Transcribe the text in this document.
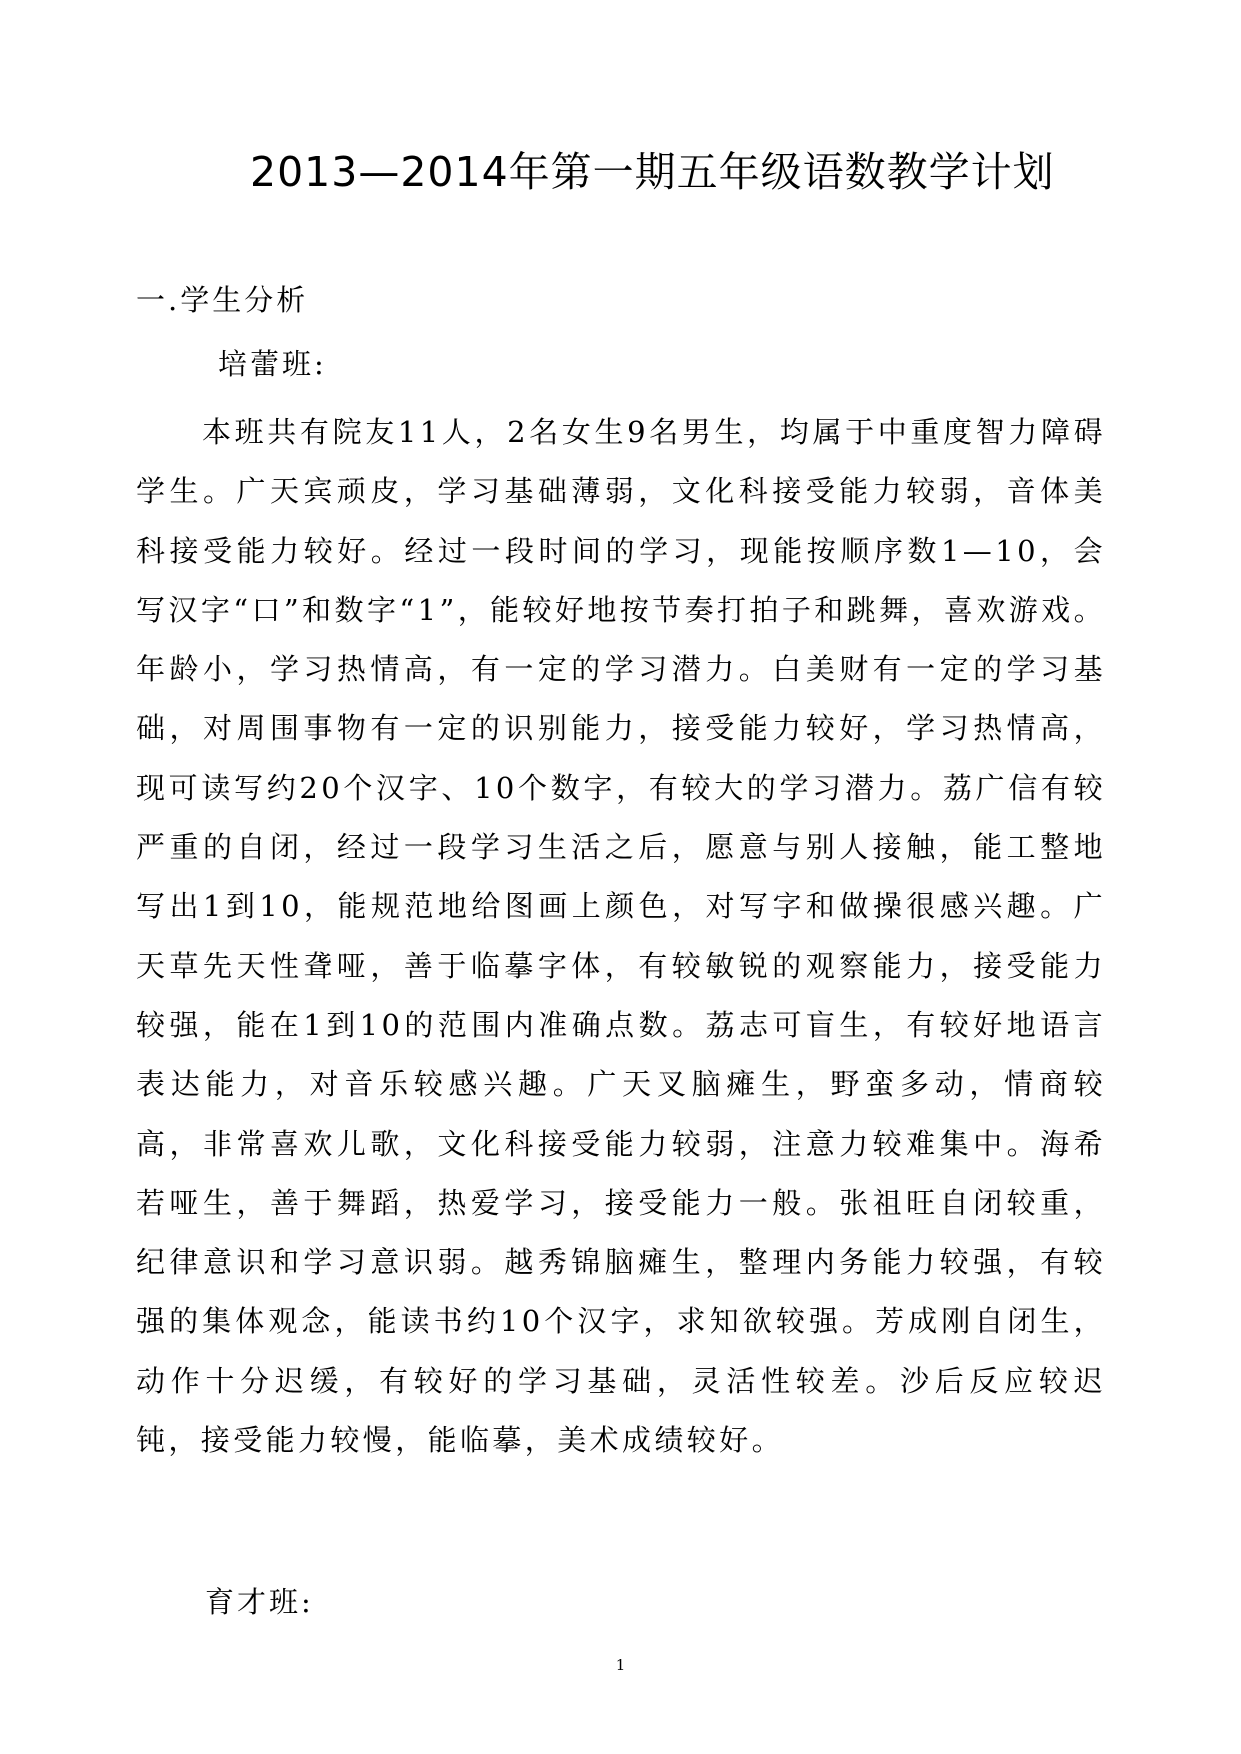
2013—2014年第一期五年级语数教学计划
一.学生分析
培蕾班:

本班共有院友11人，2名女生9名男生，均属于中重度智力障碍学生。广天宾顽皮，学习基础薄弱，文化科接受能力较弱，音体美科接受能力较好。经过一段时间的学习，现能按顺序数1—10，会写汉字“口”和数字“1”，能较好地按节奏打拍子和跳舞，喜欢游戏。年龄小，学习热情高，有一定的学习潜力。白美财有一定的学习基础，对周围事物有一定的识别能力，接受能力较好，学习热情高，现可读写约20个汉字、10个数字，有较大的学习潜力。荔广信有较严重的自闭，经过一段学习生活之后，愿意与别人接触，能工整地写出1到10，能规范地给图画上颜色，对写字和做操很感兴趣。广天草先天性聋哑，善于临摹字体，有较敏锐的观察能力，接受能力较强，能在1到10的范围内准确点数。荔志可盲生，有较好地语言表达能力，对音乐较感兴趣。广天叉脑瘫生，野蛮多动，情商较高，非常喜欢儿歌，文化科接受能力较弱，注意力较难集中。海希若哑生，善于舞蹈，热爱学习，接受能力一般。张祖旺自闭较重，纪律意识和学习意识弱。越秀锦脑瘫生，整理内务能力较强，有较强的集体观念，能读书约10个汉字，求知欲较强。芳成刚自闭生，动作十分迟缓，有较好的学习基础，灵活性较差。沙后反应较迟钝，接受能力较慢，能临摹，美术成绩较好。

育才班:
1
